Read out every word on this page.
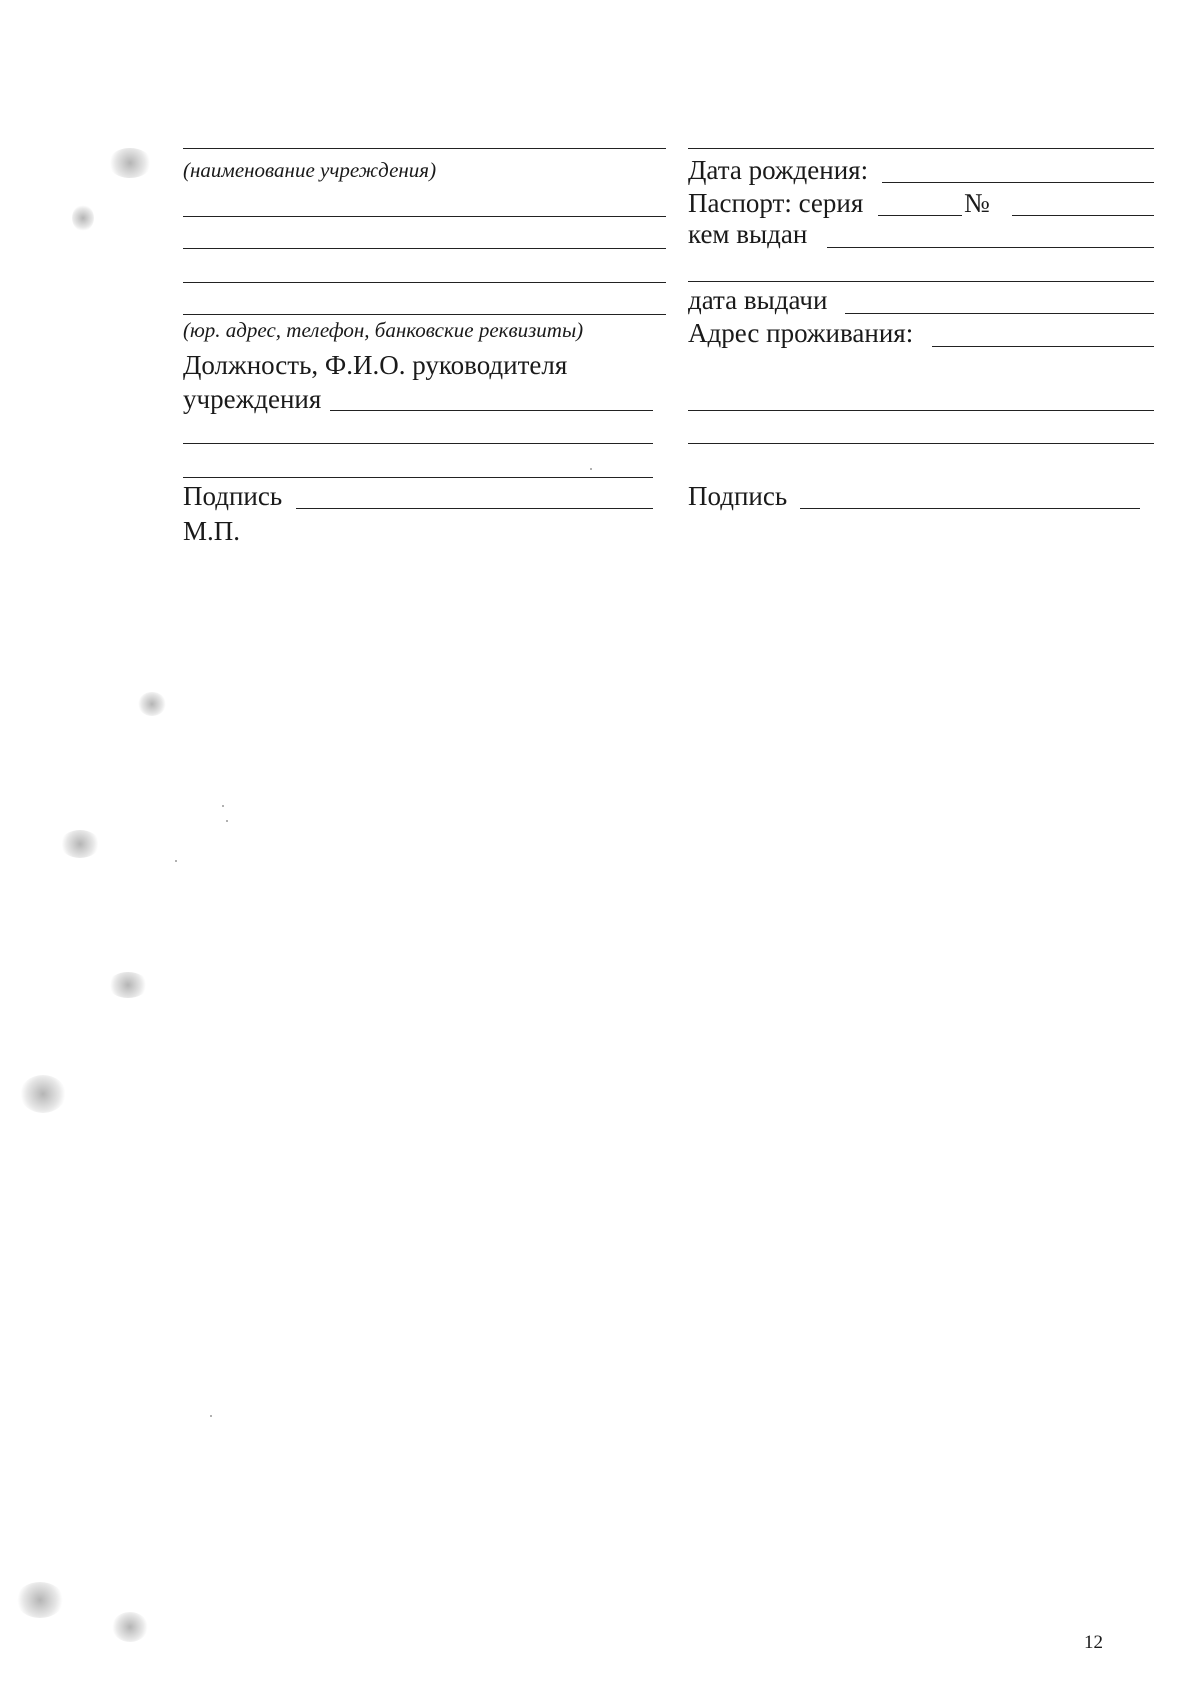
(наименование учреждения)
(юр. адрес, телефон, банковские реквизиты)
Должность, Ф.И.О. руководителя
учреждения
Подпись
М.П.
Дата рождения:
Паспорт: серия	№
кем выдан
дата выдачи
Адрес проживания:
Подпись
12
